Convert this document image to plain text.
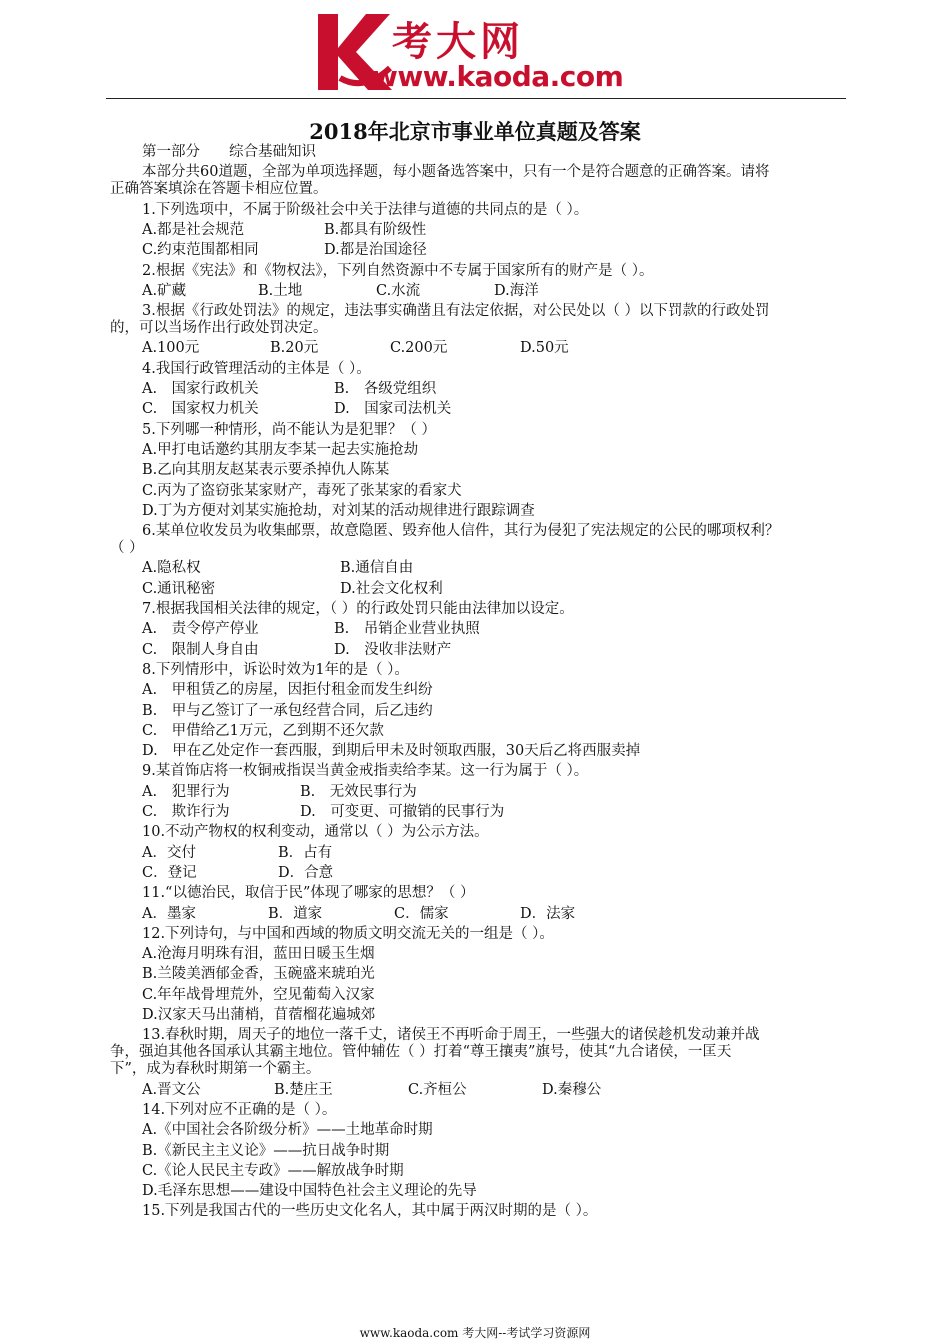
考大网
www.kaoda.com
2018年北京市事业单位真题及答案
第一部分　　综合基础知识
本部分共60道题，全部为单项选择题，每小题备选答案中，只有一个是符合题意的正确答案。请将
正确答案填涂在答题卡相应位置。
1.下列选项中，不属于阶级社会中关于法律与道德的共同点的是（ ）。
A.都是社会规范	B.都具有阶级性
C.约束范围都相同	D.都是治国途径
2.根据《宪法》和《物权法》，下列自然资源中不专属于国家所有的财产是（ ）。
A.矿藏	B.土地	C.水流	D.海洋
3.根据《行政处罚法》的规定，违法事实确凿且有法定依据，对公民处以（ ）以下罚款的行政处罚
的，可以当场作出行政处罚决定。
A.100元	B.20元	C.200元	D.50元
4.我国行政管理活动的主体是（ ）。
A.　国家行政机关	B.　各级党组织
C.　国家权力机关	D.　国家司法机关
5.下列哪一种情形，尚不能认为是犯罪？（ ）
A.甲打电话邀约其朋友李某一起去实施抢劫
B.乙向其朋友赵某表示要杀掉仇人陈某
C.丙为了盗窃张某家财产，毒死了张某家的看家犬
D.丁为方便对刘某实施抢劫，对刘某的活动规律进行跟踪调查
6.某单位收发员为收集邮票，故意隐匿、毁弃他人信件，其行为侵犯了宪法规定的公民的哪项权利？
（ ）
A.隐私权	B.通信自由
C.通讯秘密	D.社会文化权利
7.根据我国相关法律的规定，（ ）的行政处罚只能由法律加以设定。
A.　责令停产停业	B.　吊销企业营业执照
C.　限制人身自由	D.　没收非法财产
8.下列情形中，诉讼时效为1年的是（ ）。
A.　甲租赁乙的房屋，因拒付租金而发生纠纷
B.　甲与乙签订了一承包经营合同，后乙违约
C.　甲借给乙1万元，乙到期不还欠款
D.　甲在乙处定作一套西服，到期后甲未及时领取西服，30天后乙将西服卖掉
9.某首饰店将一枚铜戒指误当黄金戒指卖给李某。这一行为属于（ ）。
A.　犯罪行为	B.　无效民事行为
C.　欺诈行为	D.　可变更、可撤销的民事行为
10.不动产物权的权利变动，通常以（ ）为公示方法。
A．交付	B．占有
C．登记	D．合意
11.“以德治民，取信于民”体现了哪家的思想？（ ）
A．墨家	B．道家	C．儒家	D．法家
12.下列诗句，与中国和西域的物质文明交流无关的一组是（ ）。
A.沧海月明珠有泪，蓝田日暖玉生烟
B.兰陵美酒郁金香，玉碗盛来琥珀光
C.年年战骨埋荒外，空见葡萄入汉家
D.汉家天马出蒲梢，苜蓿榴花遍城郊
13.春秋时期，周天子的地位一落千丈，诸侯王不再听命于周王，一些强大的诸侯趁机发动兼并战
争，强迫其他各国承认其霸主地位。管仲辅佐（ ）打着“尊王攘夷”旗号，使其“九合诸侯，一匡天
下”，成为春秋时期第一个霸主。
A.晋文公	B.楚庄王	C.齐桓公	D.秦穆公
14.下列对应不正确的是（ ）。
A.《中国社会各阶级分析》——土地革命时期
B.《新民主主义论》——抗日战争时期
C.《论人民民主专政》——解放战争时期
D.毛泽东思想——建设中国特色社会主义理论的先导
15.下列是我国古代的一些历史文化名人，其中属于两汉时期的是（ ）。
www.kaoda.com 考大网--考试学习资源网
